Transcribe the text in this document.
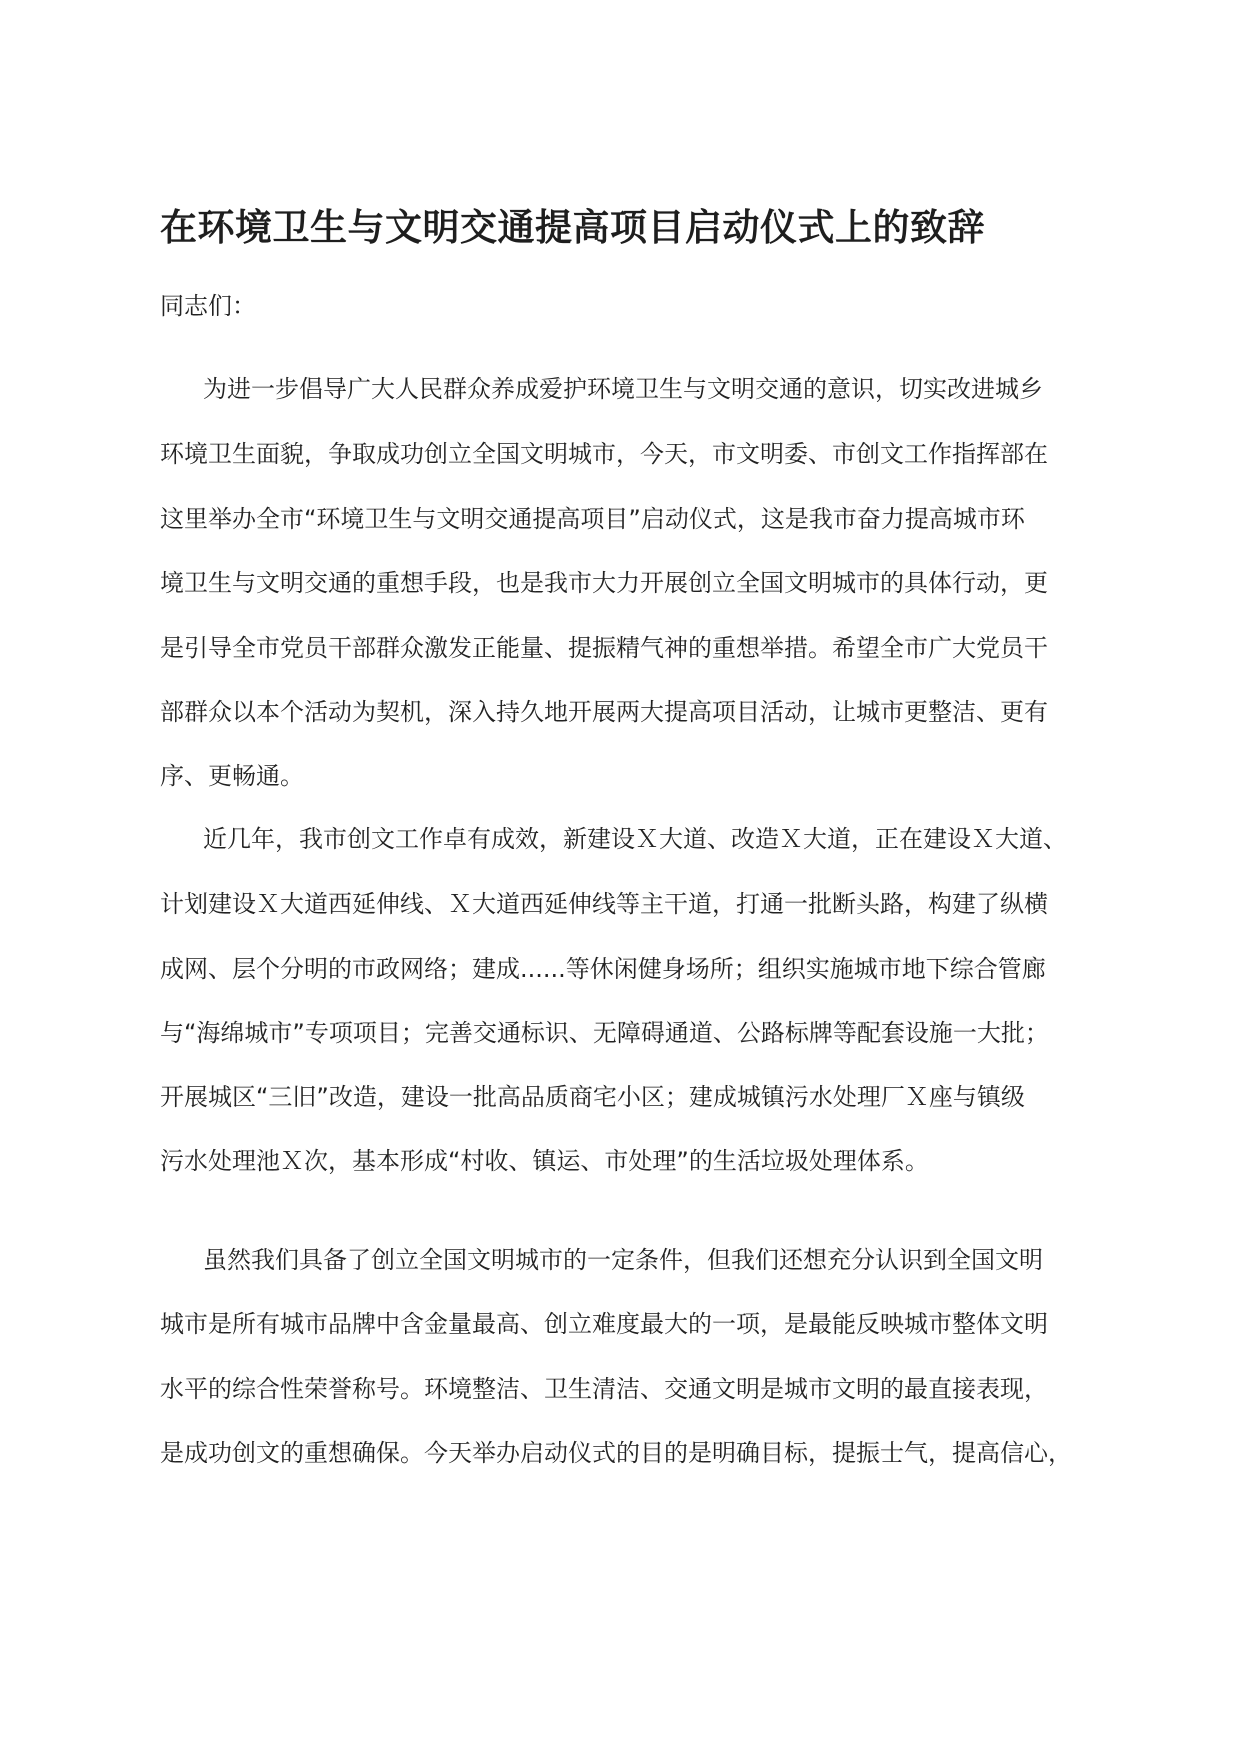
在环境卫生与文明交通提高项目启动仪式上的致辞

同志们：

为进一步倡导广大人民群众养成爱护环境卫生与文明交通的意识，切实改进城乡

环境卫生面貌，争取成功创立全国文明城市，今天，市文明委、市创文工作指挥部在

这里举办全市“环境卫生与文明交通提高项目”启动仪式，这是我市奋力提高城市环

境卫生与文明交通的重想手段，也是我市大力开展创立全国文明城市的具体行动，更

是引导全市党员干部群众激发正能量、提振精气神的重想举措。希望全市广大党员干

部群众以本个活动为契机，深入持久地开展两大提高项目活动，让城市更整洁、更有

序、更畅通。

近几年，我市创文工作卓有成效，新建设Ｘ大道、改造Ｘ大道，正在建设Ｘ大道、

计划建设Ｘ大道西延伸线、Ｘ大道西延伸线等主干道，打通一批断头路，构建了纵横

成网、层个分明的市政网络；建成......等休闲健身场所；组织实施城市地下综合管廊

与“海绵城市”专项项目；完善交通标识、无障碍通道、公路标牌等配套设施一大批；

开展城区“三旧”改造，建设一批高品质商宅小区；建成城镇污水处理厂Ｘ座与镇级

污水处理池Ｘ次，基本形成“村收、镇运、市处理”的生活垃圾处理体系。

虽然我们具备了创立全国文明城市的一定条件，但我们还想充分认识到全国文明

城市是所有城市品牌中含金量最高、创立难度最大的一项，是最能反映城市整体文明

水平的综合性荣誉称号。环境整洁、卫生清洁、交通文明是城市文明的最直接表现，

是成功创文的重想确保。今天举办启动仪式的目的是明确目标，提振士气，提高信心，
